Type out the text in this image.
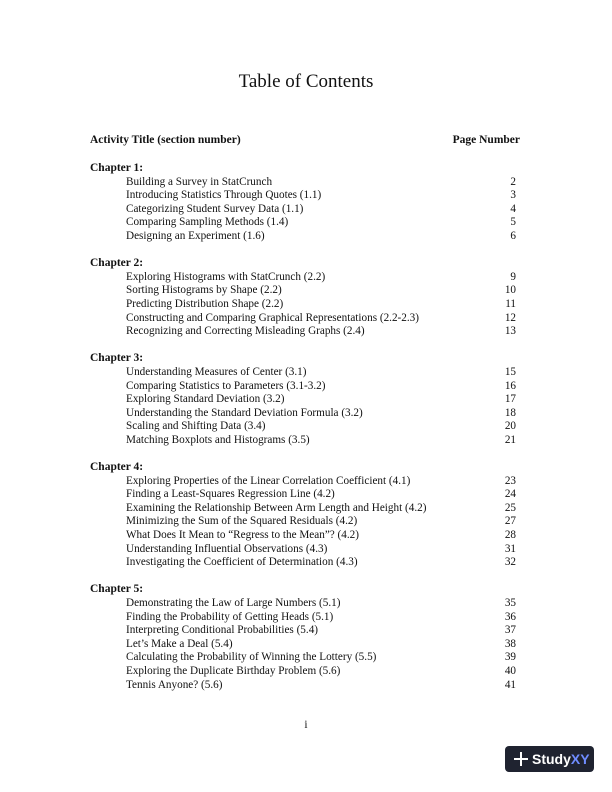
Table of Contents
Activity Title (section number)	Page Number
Chapter 1:
Building a Survey in StatCrunch	2
Introducing Statistics Through Quotes (1.1)	3
Categorizing Student Survey Data (1.1)	4
Comparing Sampling Methods (1.4)	5
Designing an Experiment (1.6)	6
Chapter 2:
Exploring Histograms with StatCrunch (2.2)	9
Sorting Histograms by Shape (2.2)	10
Predicting Distribution Shape (2.2)	11
Constructing and Comparing Graphical Representations (2.2-2.3)	12
Recognizing and Correcting Misleading Graphs (2.4)	13
Chapter 3:
Understanding Measures of Center (3.1)	15
Comparing Statistics to Parameters (3.1-3.2)	16
Exploring Standard Deviation (3.2)	17
Understanding the Standard Deviation Formula (3.2)	18
Scaling and Shifting Data (3.4)	20
Matching Boxplots and Histograms (3.5)	21
Chapter 4:
Exploring Properties of the Linear Correlation Coefficient (4.1)	23
Finding a Least-Squares Regression Line (4.2)	24
Examining the Relationship Between Arm Length and Height (4.2)	25
Minimizing the Sum of the Squared Residuals (4.2)	27
What Does It Mean to “Regress to the Mean”? (4.2)	28
Understanding Influential Observations (4.3)	31
Investigating the Coefficient of Determination (4.3)	32
Chapter 5:
Demonstrating the Law of Large Numbers (5.1)	35
Finding the Probability of Getting Heads (5.1)	36
Interpreting Conditional Probabilities (5.4)	37
Let’s Make a Deal (5.4)	38
Calculating the Probability of Winning the Lottery (5.5)	39
Exploring the Duplicate Birthday Problem (5.6)	40
Tennis Anyone? (5.6)	41
i
Study XY
